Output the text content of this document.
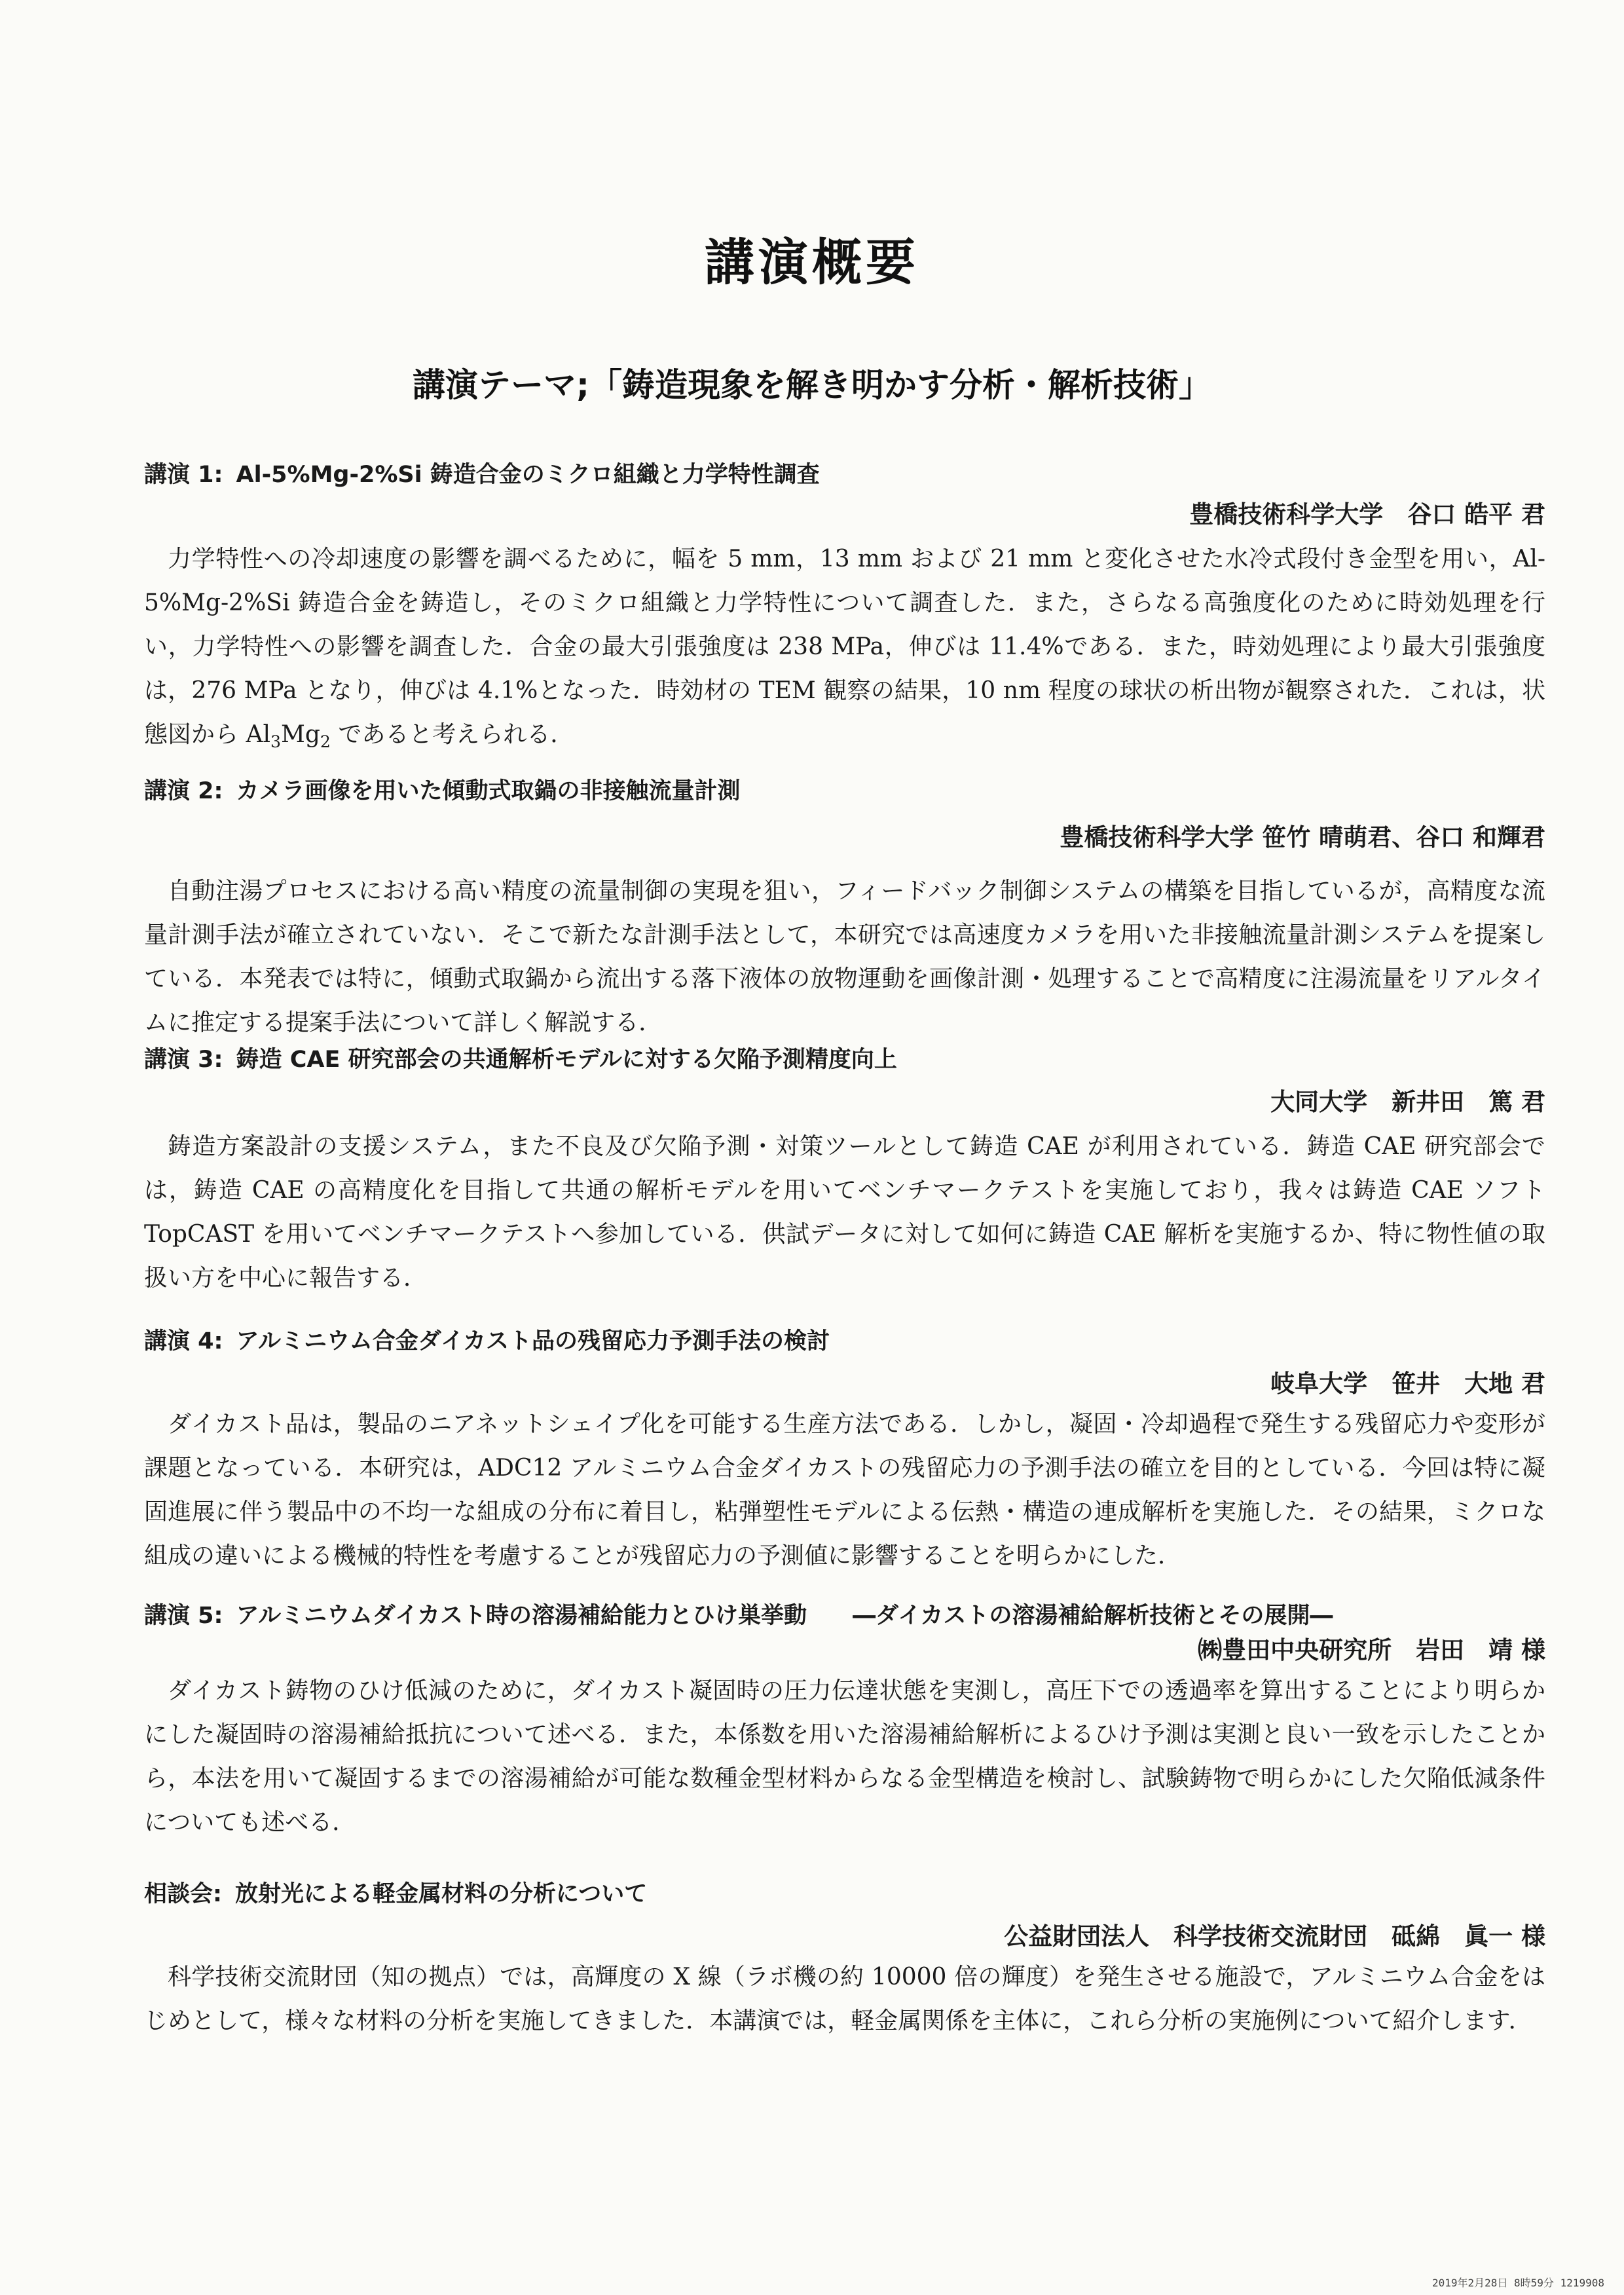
講演概要
講演テーマ;「鋳造現象を解き明かす分析・解析技術」
講演 1: Al-5%Mg-2%Si 鋳造合金のミクロ組織と力学特性調査
豊橋技術科学大学　谷口 皓平 君

力学特性への冷却速度の影響を調べるために，幅を 5 mm，13 mm および 21 mm と変化させた水冷式段付き金型を用い，Al-5%Mg-2%Si 鋳造合金を鋳造し，そのミクロ組織と力学特性について調査した．また，さらなる高強度化のために時効処理を行い，力学特性への影響を調査した．合金の最大引張強度は 238 MPa，伸びは 11.4%である．また，時効処理により最大引張強度は，276 MPa となり，伸びは 4.1%となった．時効材の TEM 観察の結果，10 nm 程度の球状の析出物が観察された．これは，状態図から $Al_3Mg_2$ であると考えられる．

講演 2: カメラ画像を用いた傾動式取鍋の非接触流量計測
豊橋技術科学大学 笹竹 晴萌君、谷口 和輝君

自動注湯プロセスにおける高い精度の流量制御の実現を狙い，フィードバック制御システムの構築を目指しているが，高精度な流量計測手法が確立されていない．そこで新たな計測手法として，本研究では高速度カメラを用いた非接触流量計測システムを提案している．本発表では特に，傾動式取鍋から流出する落下液体の放物運動を画像計測・処理することで高精度に注湯流量をリアルタイムに推定する提案手法について詳しく解説する．

講演 3: 鋳造 CAE 研究部会の共通解析モデルに対する欠陥予測精度向上
大同大学　新井田　篤 君

鋳造方案設計の支援システム，また不良及び欠陥予測・対策ツールとして鋳造 CAE が利用されている．鋳造 CAE 研究部会では，鋳造 CAE の高精度化を目指して共通の解析モデルを用いてベンチマークテストを実施しており，我々は鋳造 CAE ソフト TopCAST を用いてベンチマークテストへ参加している．供試データに対して如何に鋳造 CAE 解析を実施するか、特に物性値の取扱い方を中心に報告する．

講演 4: アルミニウム合金ダイカスト品の残留応力予測手法の検討
岐阜大学　笹井　大地 君

ダイカスト品は，製品のニアネットシェイプ化を可能する生産方法である．しかし，凝固・冷却過程で発生する残留応力や変形が課題となっている．本研究は，ADC12 アルミニウム合金ダイカストの残留応力の予測手法の確立を目的としている．今回は特に凝固進展に伴う製品中の不均一な組成の分布に着目し，粘弾塑性モデルによる伝熱・構造の連成解析を実施した．その結果，ミクロな組成の違いによる機械的特性を考慮することが残留応力の予測値に影響することを明らかにした．

講演 5: アルミニウムダイカスト時の溶湯補給能力とひけ巣挙動 ―ダイカストの溶湯補給解析技術とその展開―
㈱豊田中央研究所　岩田　靖 様

ダイカスト鋳物のひけ低減のために，ダイカスト凝固時の圧力伝達状態を実測し，高圧下での透過率を算出することにより明らかにした凝固時の溶湯補給抵抗について述べる．また，本係数を用いた溶湯補給解析によるひけ予測は実測と良い一致を示したことから，本法を用いて凝固するまでの溶湯補給が可能な数種金型材料からなる金型構造を検討し、試験鋳物で明らかにした欠陥低減条件についても述べる．

相談会: 放射光による軽金属材料の分析について
公益財団法人　科学技術交流財団　砥綿　眞一 様

科学技術交流財団（知の拠点）では，高輝度の X 線（ラボ機の約 10000 倍の輝度）を発生させる施設で，アルミニウム合金をはじめとして，様々な材料の分析を実施してきました．本講演では，軽金属関係を主体に，これら分析の実施例について紹介します．

2019年2月28日 8時59分 1219908
